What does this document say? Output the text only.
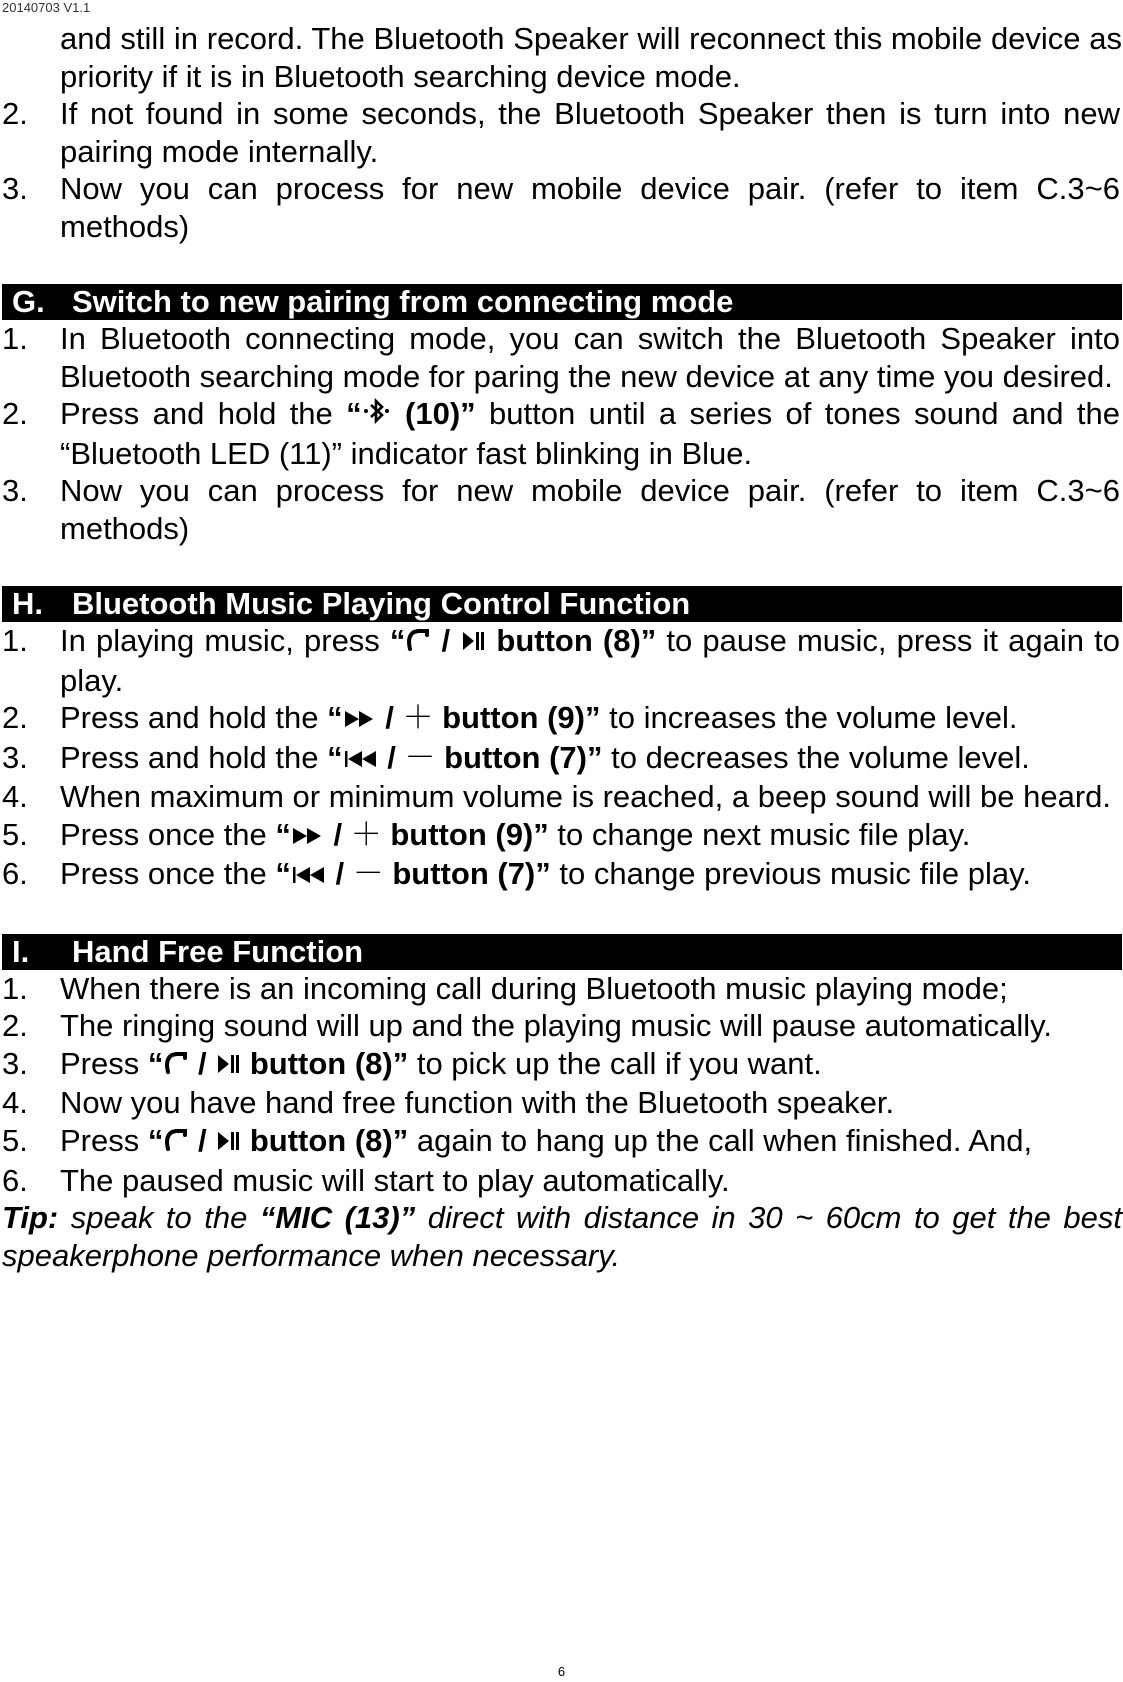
20140703 V1.1
and still in record. The Bluetooth Speaker will reconnect this mobile device as priority if it is in Bluetooth searching device mode.
2.	If not found in some seconds, the Bluetooth Speaker then is turn into new pairing mode internally.
3.	Now you can process for new mobile device pair. (refer to item C.3~6 methods)
G. Switch to new pairing from connecting mode
1.	In Bluetooth connecting mode, you can switch the Bluetooth Speaker into Bluetooth searching mode for paring the new device at any time you desired.
2.	Press and hold the “ (10)” button until a series of tones sound and the “Bluetooth LED (11)” indicator fast blinking in Blue.
3.	Now you can process for new mobile device pair. (refer to item C.3~6 methods)
H. Bluetooth Music Playing Control Function
1.	In playing music, press “ /  button (8)” to pause music, press it again to play.
2.	Press and hold the “ / ＋ button (9)” to increases the volume level.
3.	Press and hold the “ / － button (7)” to decreases the volume level.
4.	When maximum or minimum volume is reached, a beep sound will be heard.
5.	Press once the “ / ＋ button (9)” to change next music file play.
6.	Press once the “ / － button (7)” to change previous music file play.
I.	Hand Free Function
1.	When there is an incoming call during Bluetooth music playing mode;
2.	The ringing sound will up and the playing music will pause automatically.
3.	Press “ /  button (8)” to pick up the call if you want.
4.	Now you have hand free function with the Bluetooth speaker.
5.	Press “ /  button (8)” again to hang up the call when finished. And,
6.	The paused music will start to play automatically.
Tip: speak to the “MIC (13)” direct with distance in 30 ~ 60cm to get the best speakerphone performance when necessary.
6
